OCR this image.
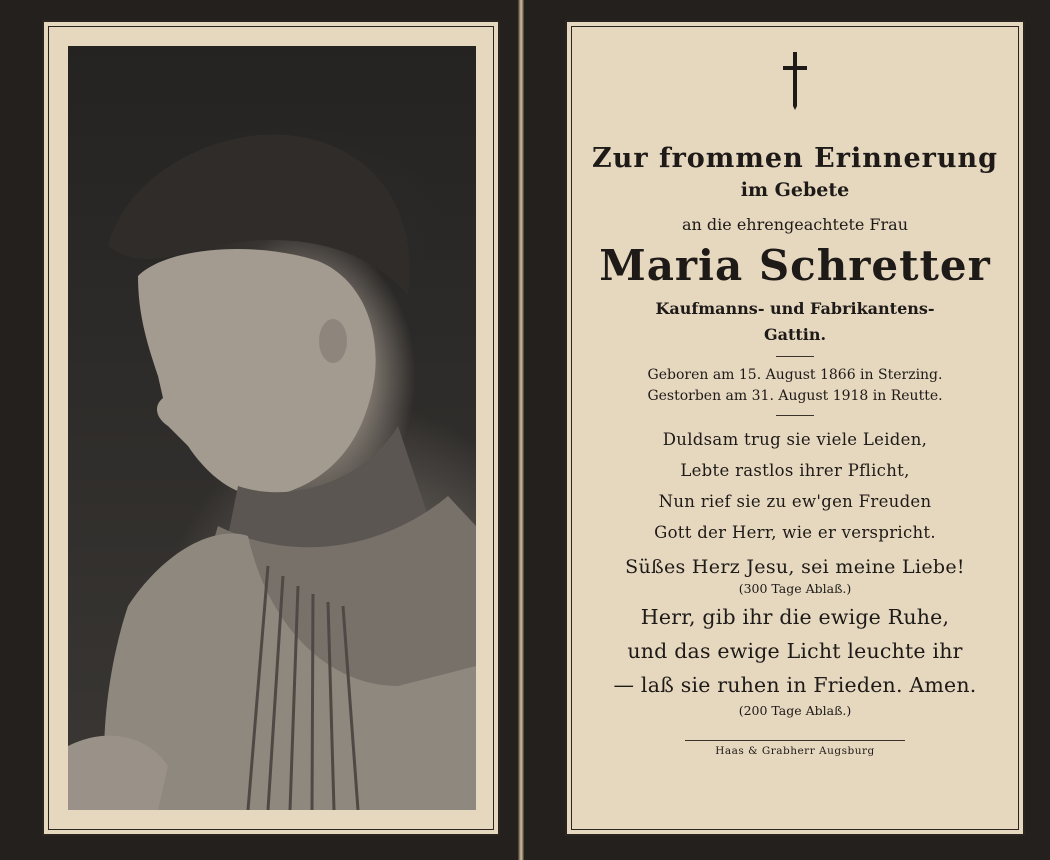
Zur frommen Erinnerung
im Gebete
an die ehrengeachtete Frau
Maria Schretter
Kaufmanns- und Fabrikantens-
Gattin.
Geboren am 15. August 1866 in Sterzing.
Gestorben am 31. August 1918 in Reutte.
Duldsam trug sie viele Leiden,
Lebte rastlos ihrer Pflicht,
Nun rief sie zu ew'gen Freuden
Gott der Herr, wie er verspricht.
Süßes Herz Jesu, sei meine Liebe!
(300 Tage Ablaß.)
Herr, gib ihr die ewige Ruhe,
und das ewige Licht leuchte ihr
— laß sie ruhen in Frieden. Amen.
(200 Tage Ablaß.)
Haas & Grabherr Augsburg
